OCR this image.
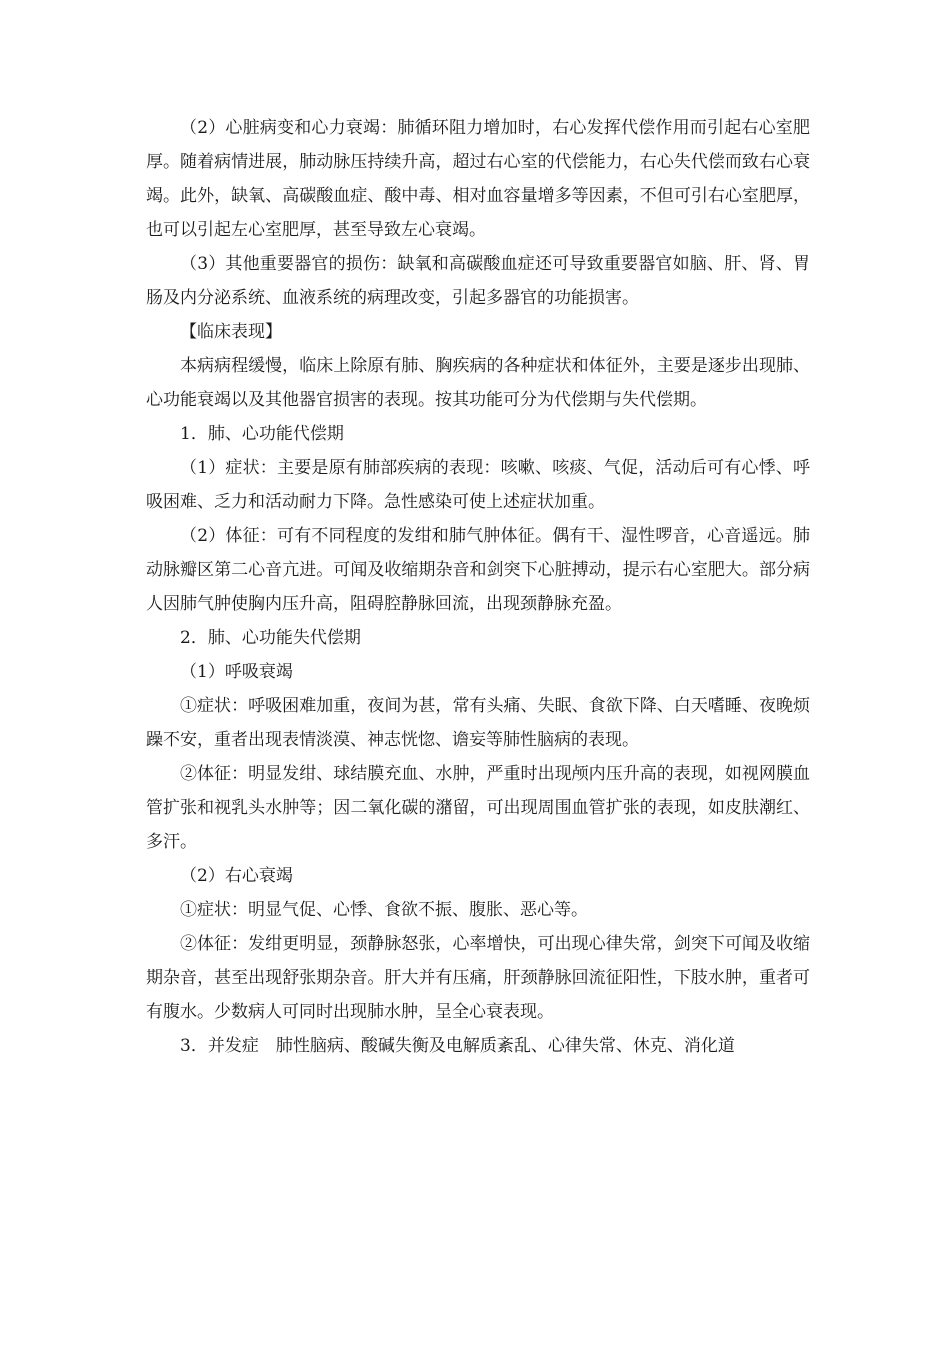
（2）心脏病变和心力衰竭：肺循环阻力增加时，右心发挥代偿作用而引起右心室肥厚。随着病情进展，肺动脉压持续升高，超过右心室的代偿能力，右心失代偿而致右心衰竭。此外，缺氧、高碳酸血症、酸中毒、相对血容量增多等因素，不但可引右心室肥厚，也可以引起左心室肥厚，甚至导致左心衰竭。

（3）其他重要器官的损伤：缺氧和高碳酸血症还可导致重要器官如脑、肝、肾、胃肠及内分泌系统、血液系统的病理改变，引起多器官的功能损害。

【临床表现】

本病病程缓慢，临床上除原有肺、胸疾病的各种症状和体征外，主要是逐步出现肺、心功能衰竭以及其他器官损害的表现。按其功能可分为代偿期与失代偿期。

1．肺、心功能代偿期

（1）症状：主要是原有肺部疾病的表现：咳嗽、咳痰、气促，活动后可有心悸、呼吸困难、乏力和活动耐力下降。急性感染可使上述症状加重。

（2）体征：可有不同程度的发绀和肺气肿体征。偶有干、湿性啰音，心音遥远。肺动脉瓣区第二心音亢进。可闻及收缩期杂音和剑突下心脏搏动，提示右心室肥大。部分病人因肺气肿使胸内压升高，阻碍腔静脉回流，出现颈静脉充盈。

2．肺、心功能失代偿期

（1）呼吸衰竭

①症状：呼吸困难加重，夜间为甚，常有头痛、失眠、食欲下降、白天嗜睡、夜晚烦躁不安，重者出现表情淡漠、神志恍惚、谵妄等肺性脑病的表现。

②体征：明显发绀、球结膜充血、水肿，严重时出现颅内压升高的表现，如视网膜血管扩张和视乳头水肿等；因二氧化碳的潴留，可出现周围血管扩张的表现，如皮肤潮红、多汗。

（2）右心衰竭

①症状：明显气促、心悸、食欲不振、腹胀、恶心等。

②体征：发绀更明显，颈静脉怒张，心率增快，可出现心律失常，剑突下可闻及收缩期杂音，甚至出现舒张期杂音。肝大并有压痛，肝颈静脉回流征阳性，下肢水肿，重者可有腹水。少数病人可同时出现肺水肿，呈全心衰表现。

3．并发症　肺性脑病、酸碱失衡及电解质紊乱、心律失常、休克、消化道
